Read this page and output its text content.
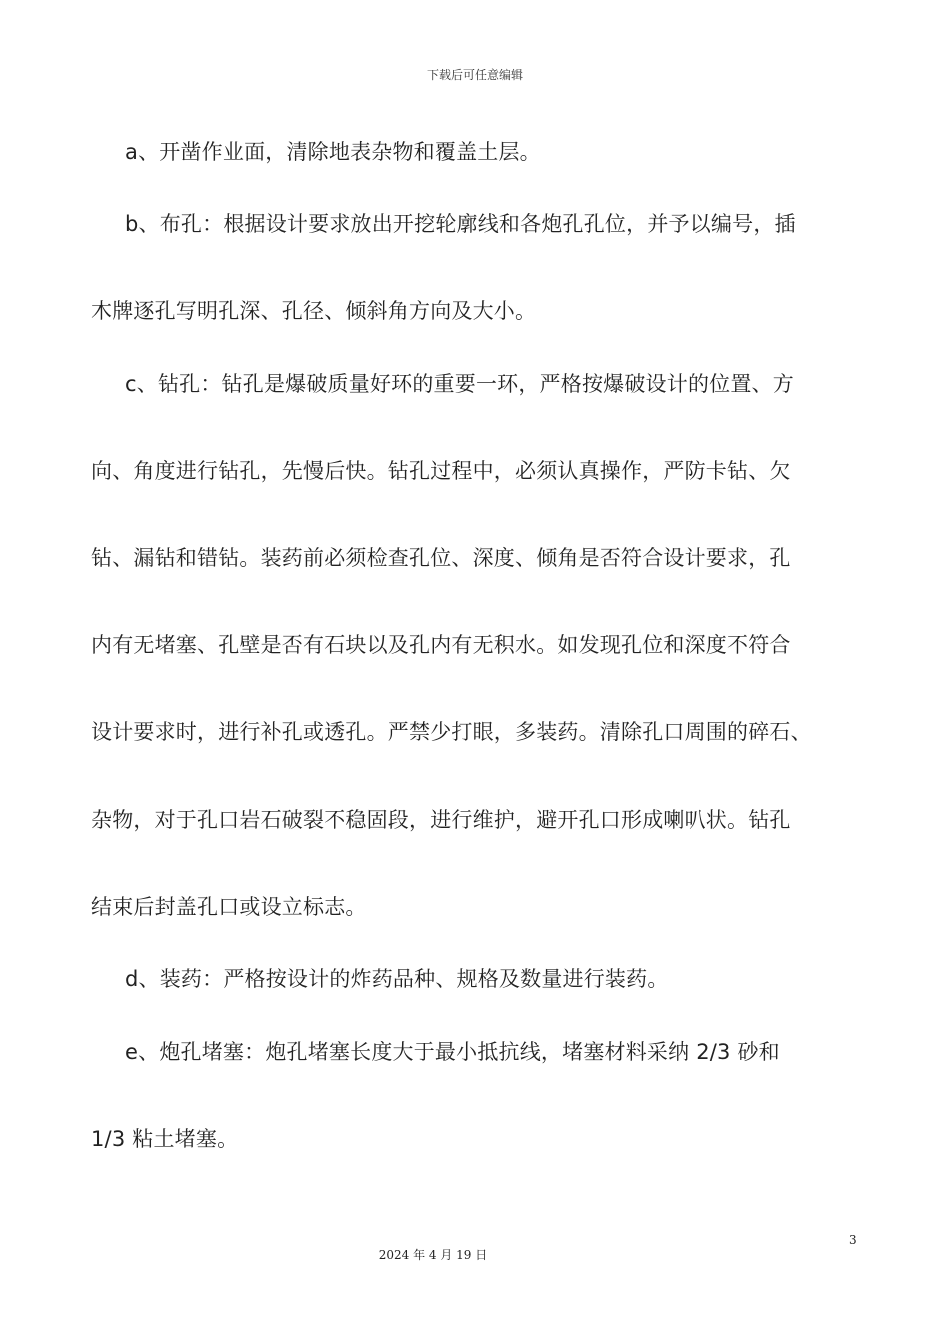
下载后可任意编辑
a、开凿作业面，清除地表杂物和覆盖土层。
b、布孔：根据设计要求放出开挖轮廓线和各炮孔孔位，并予以编号，插
木牌逐孔写明孔深、孔径、倾斜角方向及大小。
c、钻孔：钻孔是爆破质量好环的重要一环，严格按爆破设计的位置、方
向、角度进行钻孔，先慢后快。钻孔过程中，必须认真操作，严防卡钻、欠
钻、漏钻和错钻。装药前必须检查孔位、深度、倾角是否符合设计要求，孔
内有无堵塞、孔壁是否有石块以及孔内有无积水。如发现孔位和深度不符合
设计要求时，进行补孔或透孔。严禁少打眼，多装药。清除孔口周围的碎石、
杂物，对于孔口岩石破裂不稳固段，进行维护，避开孔口形成喇叭状。钻孔
结束后封盖孔口或设立标志。
d、装药：严格按设计的炸药品种、规格及数量进行装药。
e、炮孔堵塞：炮孔堵塞长度大于最小抵抗线，堵塞材料采纳 2/3 砂和
1/3 粘土堵塞。
3
2024 年 4 月 19 日
